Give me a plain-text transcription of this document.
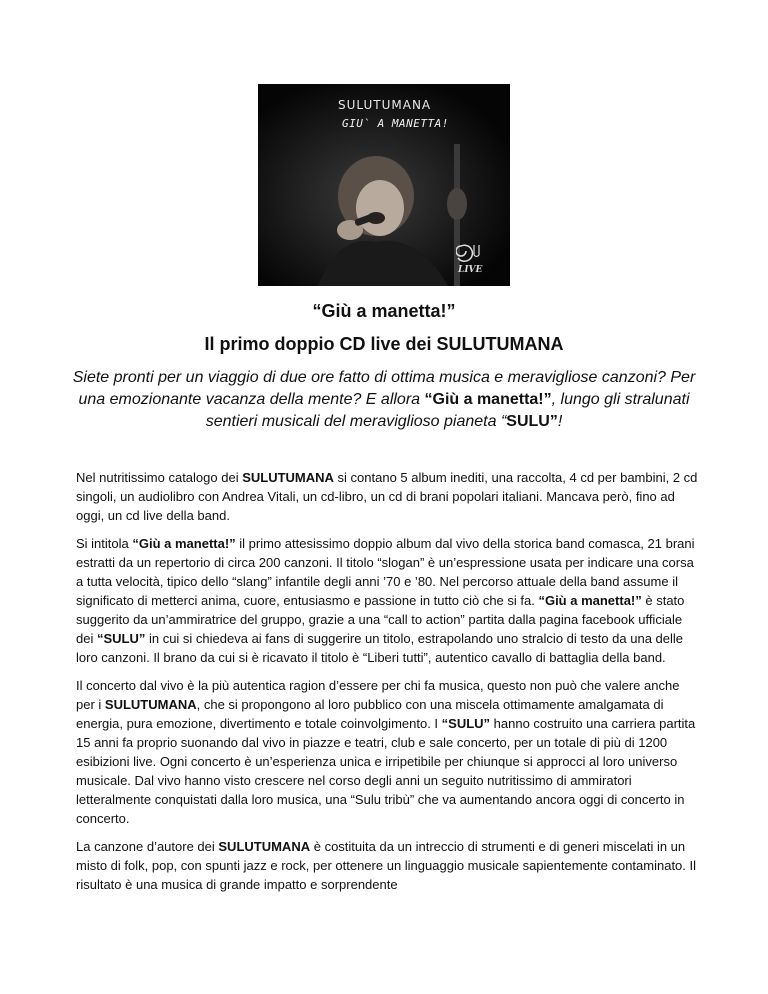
SULUTUMANA
GIU` A MANETTA!
LIVE
“Giù a manetta!”
Il primo doppio CD live dei SULUTUMANA

Siete pronti per un viaggio di due ore fatto di ottima musica e meravigliose canzoni? Per una emozionante vacanza della mente? E allora “Giù a manetta!”, lungo gli stralunati sentieri musicali del meraviglioso pianeta “SULU”!

Nel nutritissimo catalogo dei SULUTUMANA si contano 5 album inediti, una raccolta, 4 cd per bambini, 2 cd singoli, un audiolibro con Andrea Vitali, un cd-libro, un cd di brani popolari italiani. Mancava però, fino ad oggi, un cd live della band.

Si intitola “Giù a manetta!” il primo attesissimo doppio album dal vivo della storica band comasca, 21 brani estratti da un repertorio di circa 200 canzoni. Il titolo “slogan” è un’espressione usata per indicare una corsa a tutta velocità, tipico dello “slang” infantile degli anni ’70 e ’80. Nel percorso attuale della band assume il significato di metterci anima, cuore, entusiasmo e passione in tutto ciò che si fa. “Giù a manetta!” è stato suggerito da un’ammiratrice del gruppo, grazie a una “call to action” partita dalla pagina facebook ufficiale dei “SULU” in cui si chiedeva ai fans di suggerire un titolo, estrapolando uno stralcio di testo da una delle loro canzoni. Il brano da cui si è ricavato il titolo è “Liberi tutti”, autentico cavallo di battaglia della band.

Il concerto dal vivo è la più autentica ragion d’essere per chi fa musica, questo non può che valere anche per i SULUTUMANA, che si propongono al loro pubblico con una miscela ottimamente amalgamata di energia, pura emozione, divertimento e totale coinvolgimento. I “SULU” hanno costruito una carriera partita 15 anni fa proprio suonando dal vivo in piazze e teatri, club e sale concerto, per un totale di più di 1200 esibizioni live. Ogni concerto è un’esperienza unica e irripetibile per chiunque si approcci al loro universo musicale. Dal vivo hanno visto crescere nel corso degli anni un seguito nutritissimo di ammiratori letteralmente conquistati dalla loro musica, una “Sulu tribù” che va aumentando ancora oggi di concerto in concerto.

La canzone d’autore dei SULUTUMANA è costituita da un intreccio di strumenti e di generi miscelati in un misto di folk, pop, con spunti jazz e rock, per ottenere un linguaggio musicale sapientemente contaminato. Il risultato è una musica di grande impatto e sorprendente
